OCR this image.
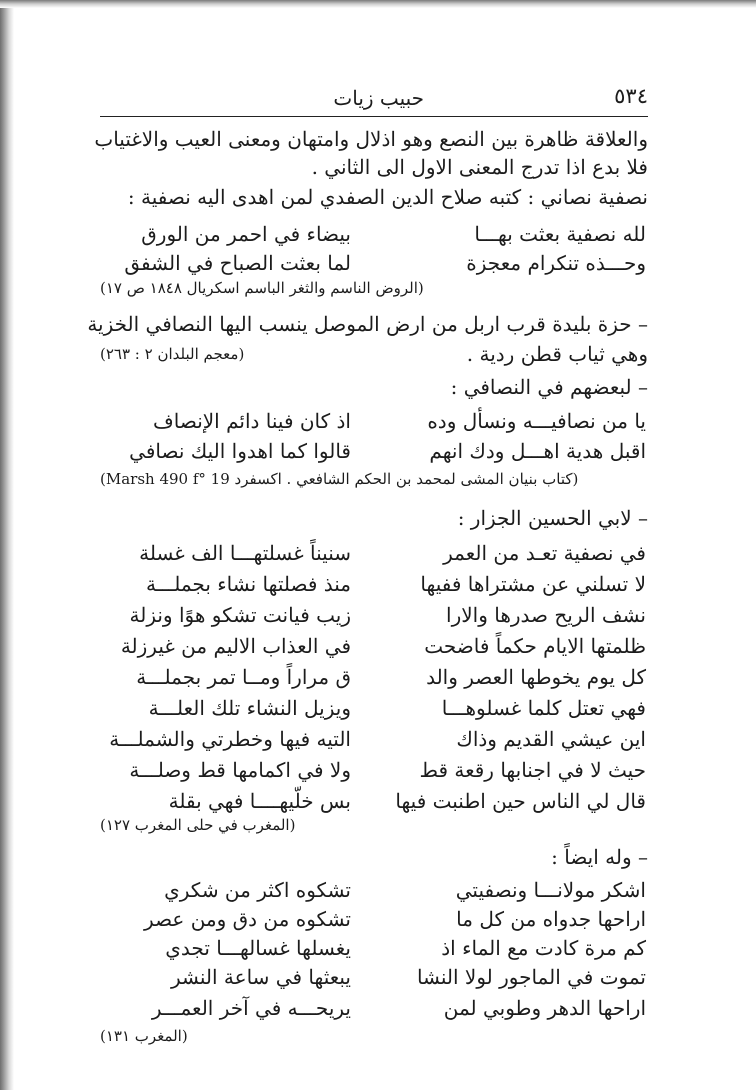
حبيب زيات	٥٣٤
والعلاقة ظاهرة بين النصع وهو اذلال وامتهان ومعنى العيب والاغتياب
فلا بدع اذا تدرج المعنى الاول الى الثاني .
نصفية نصاني : كتبه صلاح الدين الصفدي لمن اهدى اليه نصفية :
لله نصفية بعثت بهـــا
بيضاء في احمر من الورق
وحـــذه تنكرام معجزة
لما بعثت الصباح في الشفق
(الروض الناسم والثغر الباسم اسكريال ١٨٤٨ ص ١٧)
– حزة بليدة قرب اربل من ارض الموصل ينسب اليها النصافي الخزية
وهي ثياب قطن ردية .
(معجم البلدان ٢ : ٢٦٣)
– لبعضهم في النصافي :
يا من نصافيـــه ونسأل وده
اذ كان فينا دائم الإنصاف
اقبل هدية اهـــل ودك انهم
قالوا كما اهدوا اليك نصافي
(كتاب بنيان المشى لمحمد بن الحكم الشافعي . اكسفرد Marsh 490 f° 19)
– لابي الحسين الجزار :
في نصفية تعـد من العمر
سنيناً غسلتهـــا الف غسلة
لا تسلني عن مشتراها ففيها
منذ فصلتها نشاء بجملـــة
نشف الريح صدرها والارا
زيب فيانت تشكو هوًا ونزلة
ظلمتها الايام حكماً فاضحت
في العذاب الاليم من غيرزلة
كل يوم يخوطها العصر والد
ق مراراً ومــا تمر بجملـــة
فهي تعتل كلما غسلوهـــا
ويزيل النشاء تلك العلـــة
اين عيشي القديم وذاك
التيه فيها وخطرتي والشملـــة
حيث لا في اجنابها رقعة قط
ولا في اكمامها قط وصلـــة
قال لي الناس حين اطنبت فيها
بس خلّيهــــا فهي بقلة
(المغرب في حلى المغرب ١٢٧)
– وله ايضاً :
اشكر مولانـــا ونصفيتي
تشكوه اكثر من شكري
اراحها جدواه من كل ما
تشكوه من دق ومن عصر
كم مرة كادت مع الماء اذ
يغسلها غسالهـــا تجدي
تموت في الماجور لولا النشا
يبعثها في ساعة النشر
اراحها الدهر وطوبي لمن
يريحـــه في آخر العمـــر
(المغرب ١٣١)
